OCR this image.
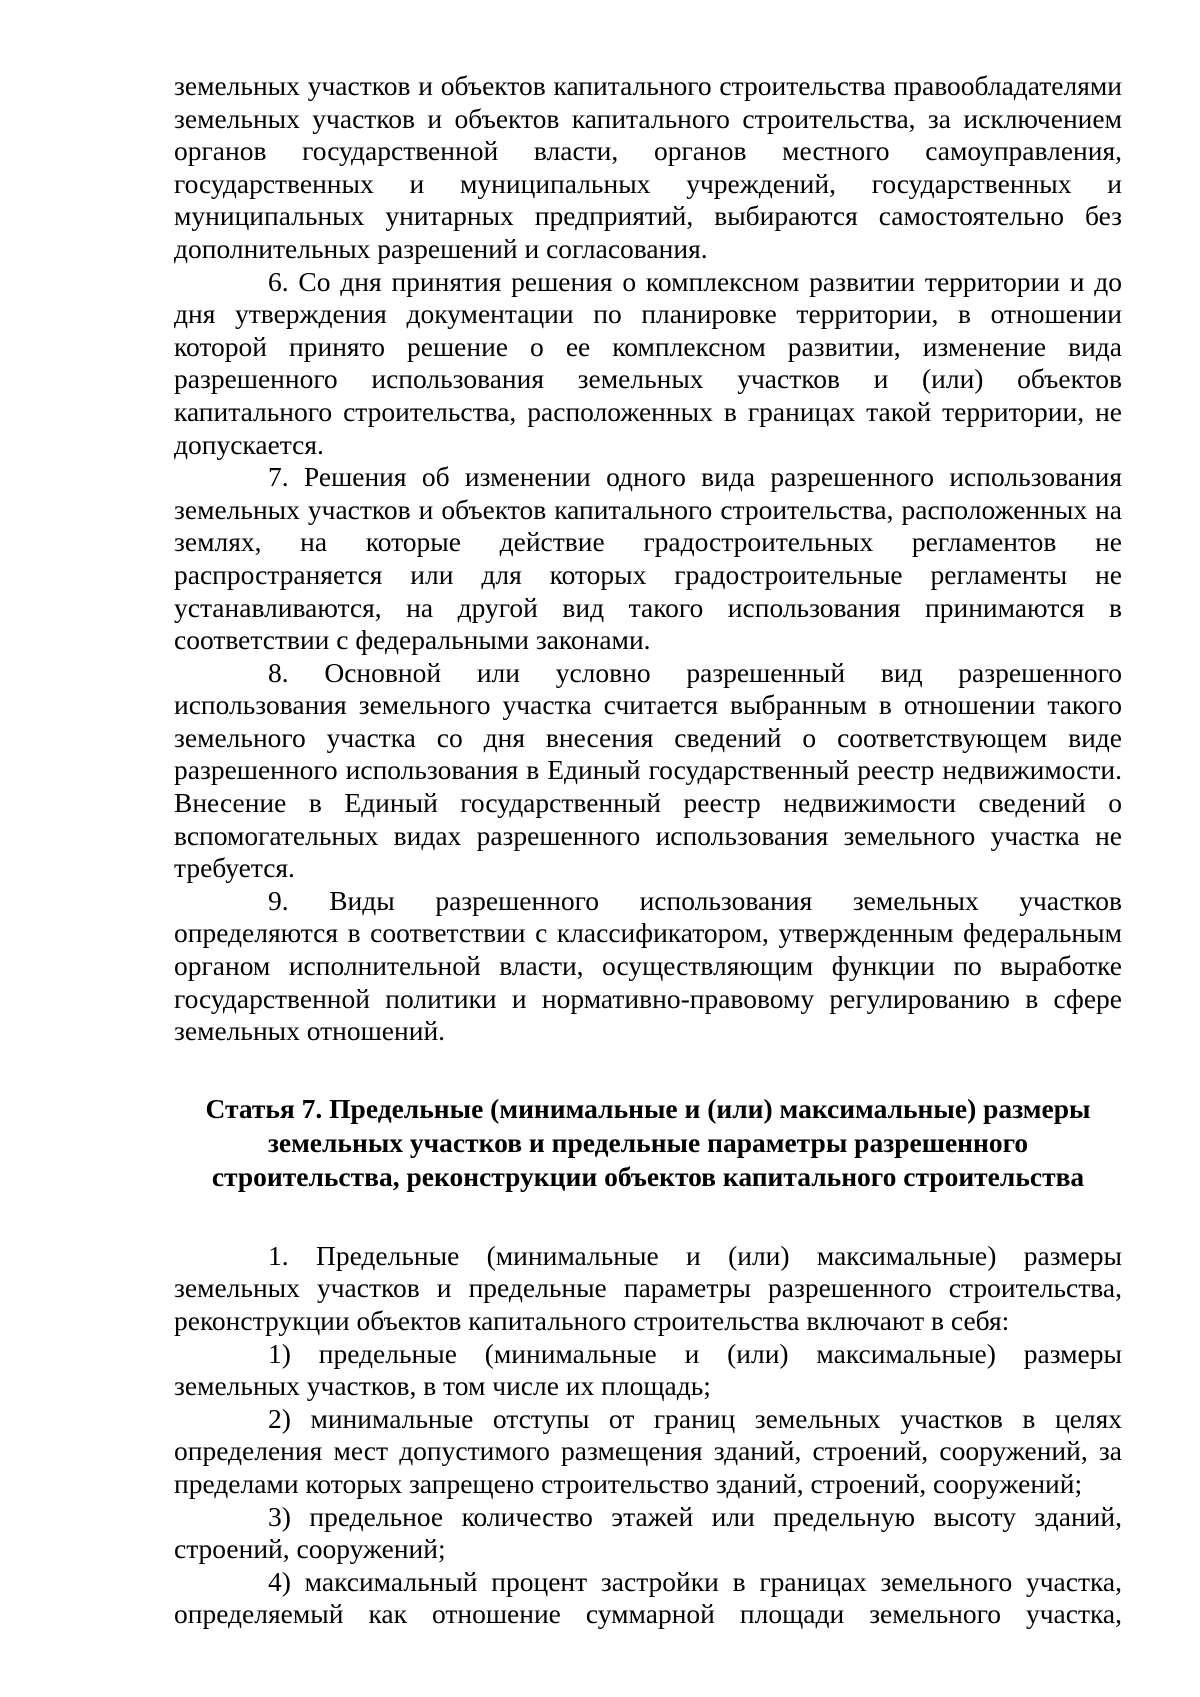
земельных участков и объектов капитального строительства правообладателями земельных участков и объектов капитального строительства, за исключением органов государственной власти, органов местного самоуправления, государственных и муниципальных учреждений, государственных и муниципальных унитарных предприятий, выбираются самостоятельно без дополнительных разрешений и согласования.

6. Со дня принятия решения о комплексном развитии территории и до дня утверждения документации по планировке территории, в отношении которой принято решение о ее комплексном развитии, изменение вида разрешенного использования земельных участков и (или) объектов капитального строительства, расположенных в границах такой территории, не допускается.

7. Решения об изменении одного вида разрешенного использования земельных участков и объектов капитального строительства, расположенных на землях, на которые действие градостроительных регламентов не распространяется или для которых градостроительные регламенты не устанавливаются, на другой вид такого использования принимаются в соответствии с федеральными законами.

8. Основной или условно разрешенный вид разрешенного использования земельного участка считается выбранным в отношении такого земельного участка со дня внесения сведений о соответствующем виде разрешенного использования в Единый государственный реестр недвижимости. Внесение в Единый государственный реестр недвижимости сведений о вспомогательных видах разрешенного использования земельного участка не требуется.

9. Виды разрешенного использования земельных участков определяются в соответствии с классификатором, утвержденным федеральным органом исполнительной власти, осуществляющим функции по выработке государственной политики и нормативно-правовому регулированию в сфере земельных отношений.

Статья 7. Предельные (минимальные и (или) максимальные) размеры земельных участков и предельные параметры разрешенного строительства, реконструкции объектов капитального строительства

1. Предельные (минимальные и (или) максимальные) размеры земельных участков и предельные параметры разрешенного строительства, реконструкции объектов капитального строительства включают в себя:

1) предельные (минимальные и (или) максимальные) размеры земельных участков, в том числе их площадь;

2) минимальные отступы от границ земельных участков в целях определения мест допустимого размещения зданий, строений, сооружений, за пределами которых запрещено строительство зданий, строений, сооружений;

3) предельное количество этажей или предельную высоту зданий, строений, сооружений;

4) максимальный процент застройки в границах земельного участка, определяемый как отношение суммарной площади земельного участка,
